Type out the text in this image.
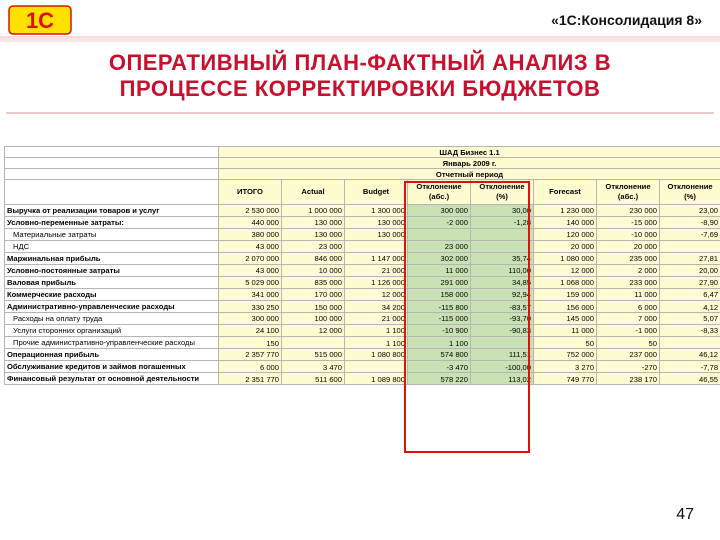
1С	«1С:Консолидация 8»
ОПЕРАТИВНЫЙ ПЛАН-ФАКТНЫЙ АНАЛИЗ В
ПРОЦЕССЕ КОРРЕКТИРОВКИ БЮДЖЕТОВ
	ШАД Бизнес 1.1							
	Январь 2009 г.							
	Отчетный период							
	ИТОГО	Actual	Budget	Отклонение (абс.)	Отклонение (%)	Forecast	Отклонение (абс.)	Отклонение (%)
Выручка от реализации товаров и услуг	2 530 000	1 000 000	1 300 000	300 000	30,00	1 230 000	230 000	23,00
Условно-переменные затраты:	440 000	130 000	130 000	-2 000	-1,28	140 000	-15 000	-8,90
Материальные затраты	380 000	130 000	130 000			120 000	-10 000	-7,69
НДС	43 000	23 000		23 000		20 000	20 000	
Маржинальная прибыль	2 070 000	846 000	1 147 000	302 000	35,74	1 080 000	235 000	27,81
Условно-постоянные затраты	43 000	10 000	21 000	11 000	110,00	12 000	2 000	20,00
Валовая прибыль	5 029 000	835 000	1 126 000	291 000	34,85	1 068 000	233 000	27,90
Коммерческие расходы	341 000	170 000	12 000	158 000	92,94	159 000	11 000	6,47
Административно-управленческие расходы	330 250	150 000	34 200	-115 800	-83,57	156 000	6 000	4,12
Расходы на оплату труда	300 000	100 000	21 000	-115 000	-93,70	145 000	7 000	5,07
Услуги сторонних организаций	24 100	12 000	1 100	-10 900	-90,83	11 000	-1 000	-8,33
Прочие административно-управленческие расходы	150		1 100	1 100		50	50	
Операционная прибыль	2 357 770	515 000	1 080 800	574 800	111,51	752 000	237 000	46,12
Обслуживание кредитов и займов погашенных	6 000	3 470		-3 470	-100,00	3 270	-270	-7,78
Финансовый результат от основной деятельности	2 351 770	511 600	1 089 800	578 220	113,02	749 770	238 170	46,55
47
